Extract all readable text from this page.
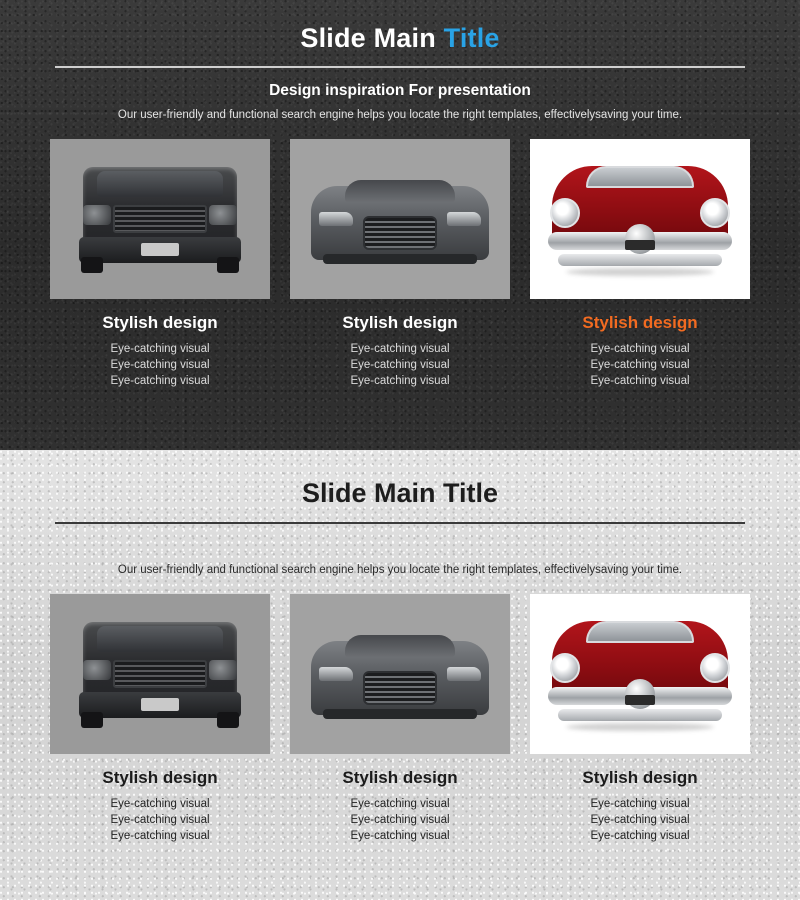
Slide Main Title
Design inspiration For presentation

Our user-friendly and functional search engine helps you locate the right templates, effectivelysaving your time.

Stylish design
Eye-catching visual
Eye-catching visual
Eye-catching visual
Stylish design
Eye-catching visual
Eye-catching visual
Eye-catching visual
Stylish design
Eye-catching visual
Eye-catching visual
Eye-catching visual
Slide Main Title

Our user-friendly and functional search engine helps you locate the right templates, effectivelysaving your time.

Stylish design
Eye-catching visual
Eye-catching visual
Eye-catching visual
Stylish design
Eye-catching visual
Eye-catching visual
Eye-catching visual
Stylish design
Eye-catching visual
Eye-catching visual
Eye-catching visual
